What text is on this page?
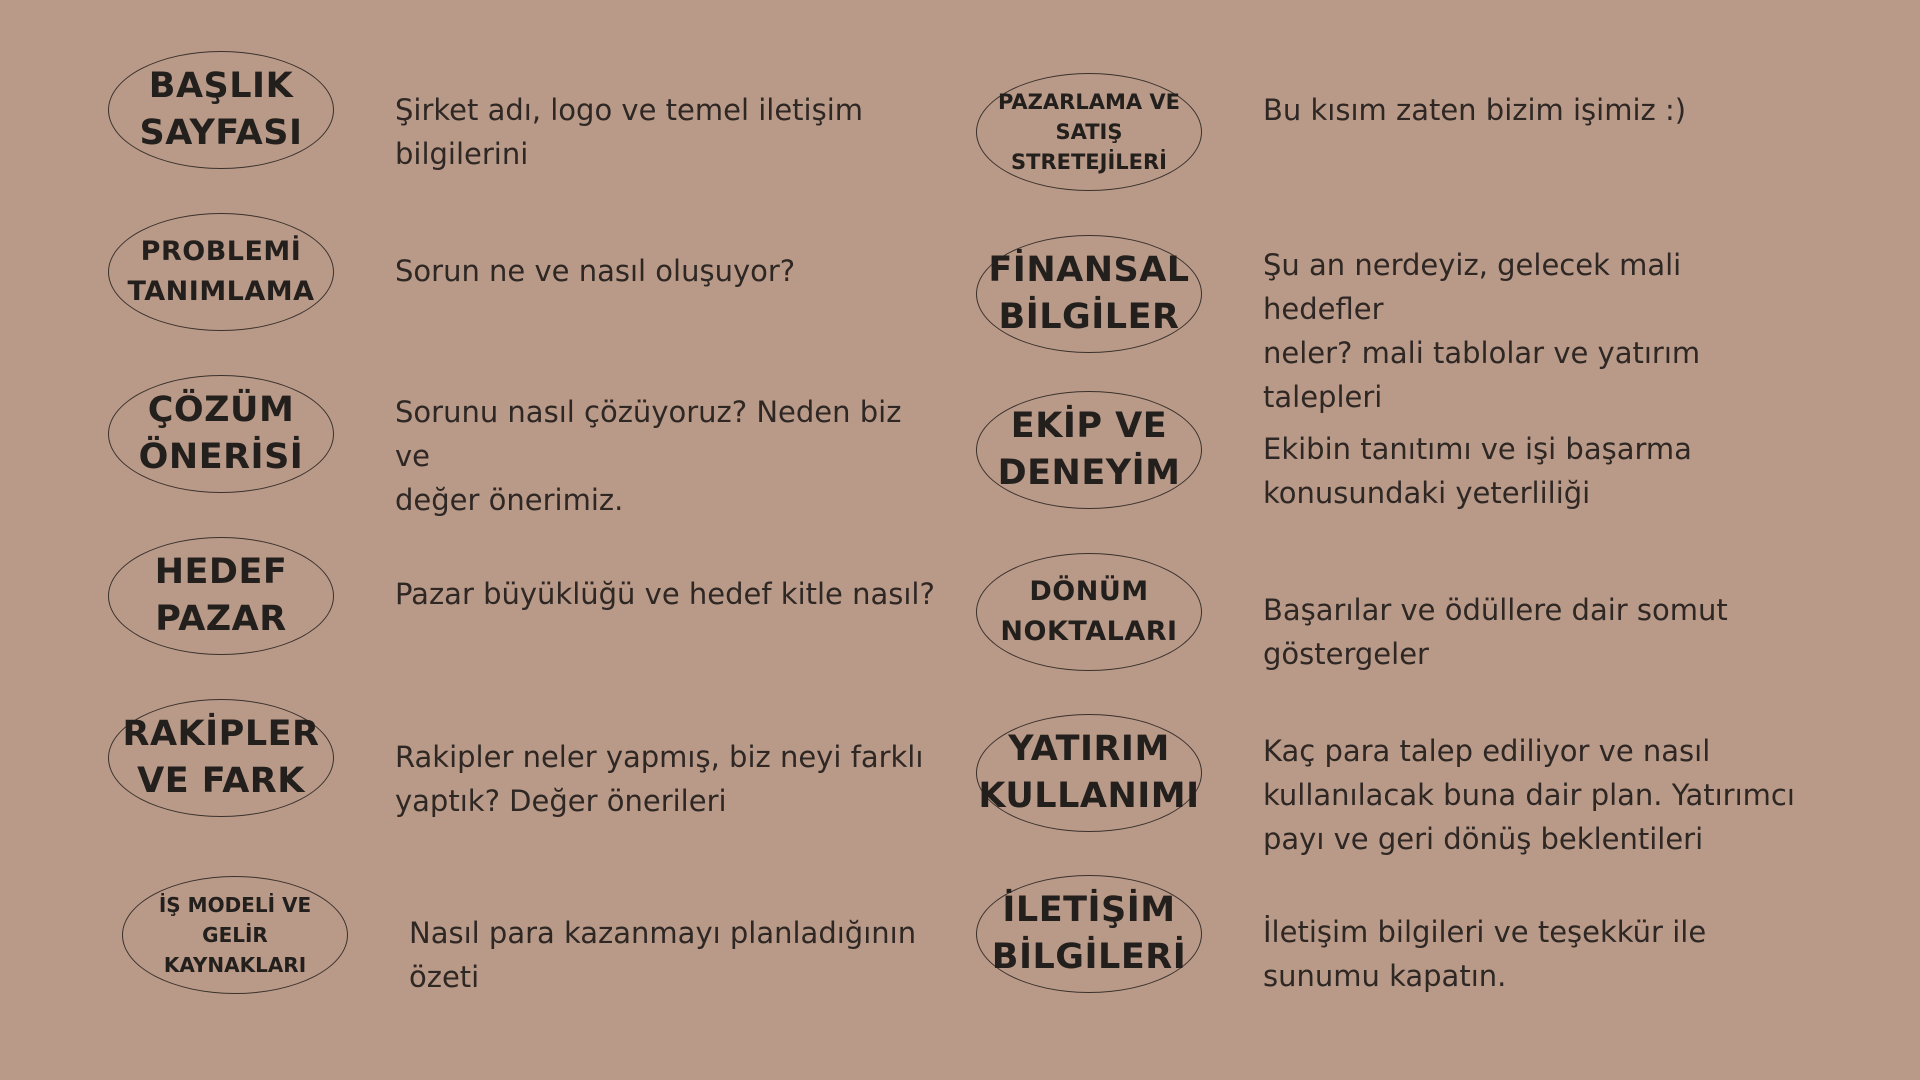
BAŞLIK
SAYFASI
Şirket adı, logo ve temel iletişim
bilgilerini
PROBLEMİ
TANIMLAMA
Sorun ne ve nasıl oluşuyor?
ÇÖZÜM
ÖNERİSİ
Sorunu nasıl çözüyoruz? Neden biz ve
değer önerimiz.
HEDEF
PAZAR
Pazar büyüklüğü ve hedef kitle nasıl?
RAKİPLER
VE FARK
Rakipler neler yapmış, biz neyi farklı
yaptık? Değer önerileri
İŞ MODELİ VE
GELİR
KAYNAKLARI
Nasıl para kazanmayı planladığının
özeti
PAZARLAMA VE
SATIŞ
STRETEJİLERİ
Bu kısım zaten bizim işimiz :)
FİNANSAL
BİLGİLER
Şu an nerdeyiz, gelecek mali hedefler
neler? mali tablolar ve yatırım
talepleri
EKİP VE
DENEYİM
Ekibin tanıtımı ve işi başarma
konusundaki yeterliliği
DÖNÜM
NOKTALARI
Başarılar ve ödüllere dair somut
göstergeler
YATIRIM
KULLANIMI
Kaç para talep ediliyor ve nasıl
kullanılacak buna dair plan. Yatırımcı
payı ve geri dönüş beklentileri
İLETİŞİM
BİLGİLERİ
İletişim bilgileri ve teşekkür ile
sunumu kapatın.
